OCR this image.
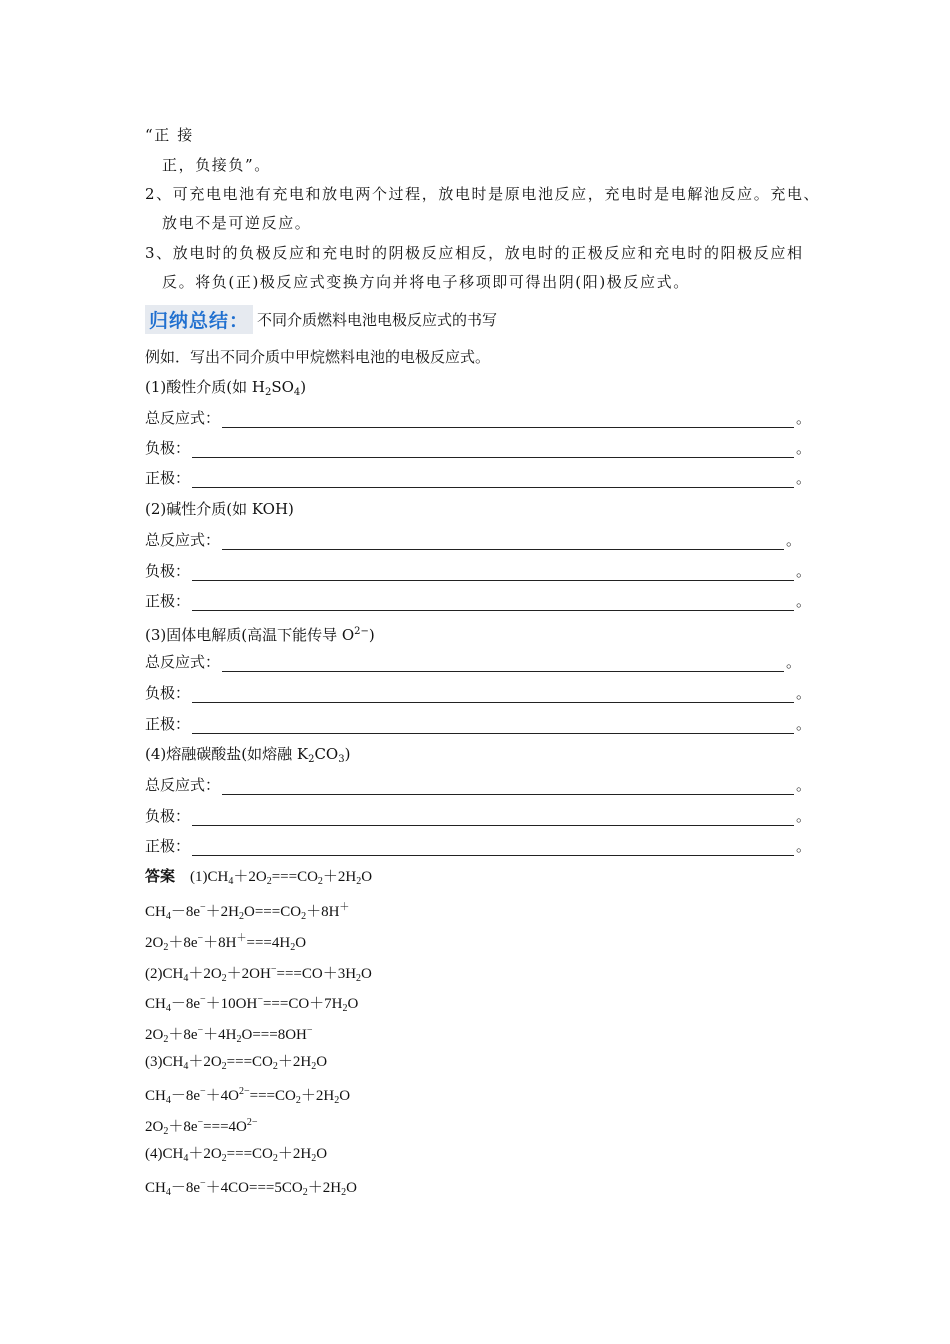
“正 接
正，负接负”。
2、可充电电池有充电和放电两个过程，放电时是原电池反应，充电时是电解池反应。充电、
放电不是可逆反应。
3、放电时的负极反应和充电时的阴极反应相反，放电时的正极反应和充电时的阳极反应相
反。将负(正)极反应式变换方向并将电子移项即可得出阴(阳)极反应式。
归纳总结： 不同介质燃料电池电极反应式的书写
例如．写出不同介质中甲烷燃料电池的电极反应式。
(1)酸性介质(如 $H_2SO_4$)
总反应式：	。
负极：	。
正极：	。
(2)碱性介质(如 KOH)
总反应式：	。
负极：	。
正极：	。
(3)固体电解质(高温下能传导 $O^{2-}$)
总反应式：	。
负极：	。
正极：	。
(4)熔融碳酸盐(如熔融 $K_2CO_3$)
总反应式：	。
负极：	。
正极：	。
答案    $(1)CH_4+2O_2===CO_2+2H_2O$
$CH_4-8e^-+2H_2O===CO_2+8H^+$
$2O_2+8e^-+8H^+===4H_2O$
$(2)CH_4+2O_2+2OH^-===CO+3H_2O$
$CH_4-8e^-+10OH^-===CO+7H_2O$
$2O_2+8e^-+4H_2O===8OH^-$
$(3)CH_4+2O_2===CO_2+2H_2O$
$CH_4-8e^-+4O^{2-}===CO_2+2H_2O$
$2O_2+8e^-===4O^{2-}$
$(4)CH_4+2O_2===CO_2+2H_2O$
$CH_4-8e^-+4CO===5CO_2+2H_2O$
